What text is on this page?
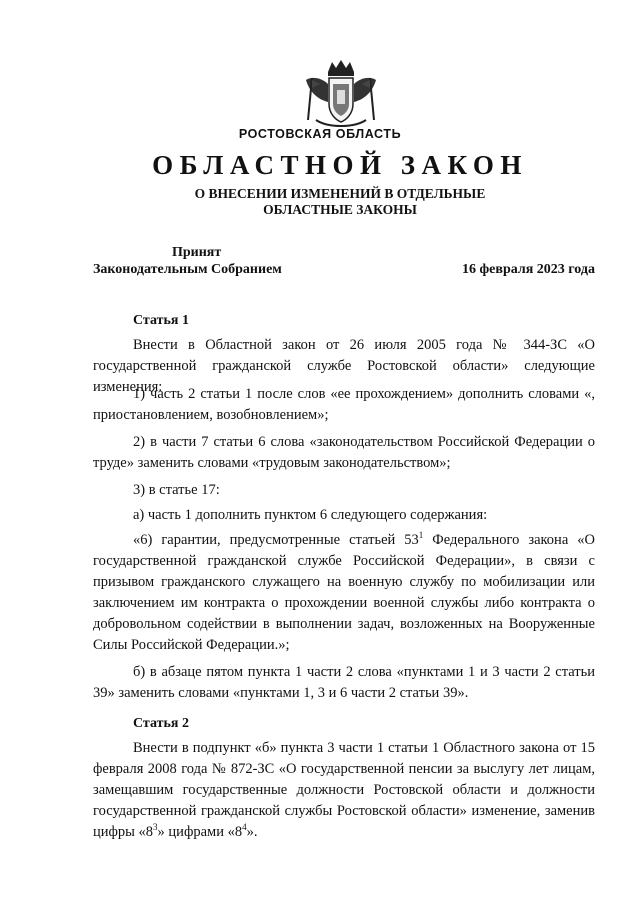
РОСТОВСКАЯ ОБЛАСТЬ
ОБЛАСТНОЙ ЗАКОН
О ВНЕСЕНИИ ИЗМЕНЕНИЙ В ОТДЕЛЬНЫЕ
ОБЛАСТНЫЕ ЗАКОНЫ
Принят
Законодательным Собранием	16 февраля 2023 года
Статья 1
Внести в Областной закон от 26 июля 2005 года № 344-ЗС «О государственной гражданской службе Ростовской области» следующие изменения:
1) часть 2 статьи 1 после слов «ее прохождением» дополнить словами «, приостановлением, возобновлением»;
2) в части 7 статьи 6 слова «законодательством Российской Федерации о труде» заменить словами «трудовым законодательством»;
3) в статье 17:
а) часть 1 дополнить пунктом 6 следующего содержания:
«6) гарантии, предусмотренные статьей $53^1$ Федерального закона «О государственной гражданской службе Российской Федерации», в связи с призывом гражданского служащего на военную службу по мобилизации или заключением им контракта о прохождении военной службы либо контракта о добровольном содействии в выполнении задач, возложенных на Вооруженные Силы Российской Федерации.»;
б) в абзаце пятом пункта 1 части 2 слова «пунктами 1 и 3 части 2 статьи 39» заменить словами «пунктами 1, 3 и 6 части 2 статьи 39».
Статья 2
Внести в подпункт «б» пункта 3 части 1 статьи 1 Областного закона от 15 февраля 2008 года № 872-ЗС «О государственной пенсии за выслугу лет лицам, замещавшим государственные должности Ростовской области и должности государственной гражданской службы Ростовской области» изменение, заменив цифры «$8^3$» цифрами «$8^4$».
